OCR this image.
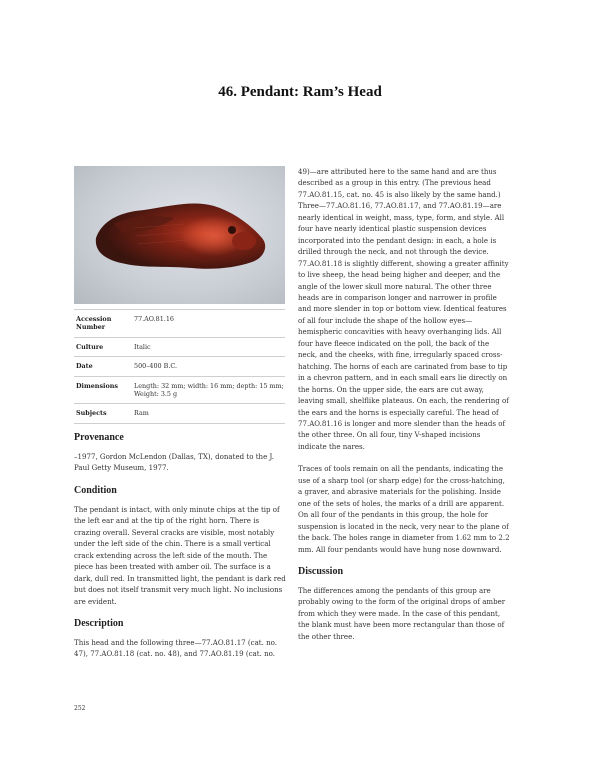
46. Pendant: Ram’s Head
Accession Number	77.AO.81.16
Culture	Italic
Date	500–400 B.C.
Dimensions	Length: 32 mm; width: 16 mm; depth: 15 mm; Weight: 3.5 g
Subjects	Ram
Provenance

–1977, Gordon McLendon (Dallas, TX), donated to the J. Paul Getty Museum, 1977.

Condition

The pendant is intact, with only minute chips at the tip of the left ear and at the tip of the right horn. There is crazing overall. Several cracks are visible, most notably under the left side of the chin. There is a small vertical crack extending across the left side of the mouth. The piece has been treated with amber oil. The surface is a dark, dull red. In transmitted light, the pendant is dark red but does not itself transmit very much light. No inclusions are evident.

Description

This head and the following three—77.AO.81.17 (cat. no. 47), 77.AO.81.18 (cat. no. 48), and 77.AO.81.19 (cat. no.

49)—are attributed here to the same hand and are thus described as a group in this entry. (The previous head 77.AO.81.15, cat. no. 45 is also likely by the same hand.) Three—77.AO.81.16, 77.AO.81.17, and 77.AO.81.19—are nearly identical in weight, mass, type, form, and style. All four have nearly identical plastic suspension devices incorporated into the pendant design: in each, a hole is drilled through the neck, and not through the device. 77.AO.81.18 is slightly different, showing a greater affinity to live sheep, the head being higher and deeper, and the angle of the lower skull more natural. The other three heads are in comparison longer and narrower in profile and more slender in top or bottom view. Identical features of all four include the shape of the hollow eyes—hemispheric concavities with heavy overhanging lids. All four have fleece indicated on the poll, the back of the neck, and the cheeks, with fine, irregularly spaced cross-hatching. The horns of each are carinated from base to tip in a chevron pattern, and in each small ears lie directly on the horns. On the upper side, the ears are cut away, leaving small, shelflike plateaus. On each, the rendering of the ears and the horns is especially careful. The head of 77.AO.81.16 is longer and more slender than the heads of the other three. On all four, tiny V-shaped incisions indicate the nares.

Traces of tools remain on all the pendants, indicating the use of a sharp tool (or sharp edge) for the cross-hatching, a graver, and abrasive materials for the polishing. Inside one of the sets of holes, the marks of a drill are apparent. On all four of the pendants in this group, the hole for suspension is located in the neck, very near to the plane of the back. The holes range in diameter from 1.62 mm to 2.2 mm. All four pendants would have hung nose downward.

Discussion

The differences among the pendants of this group are probably owing to the form of the original drops of amber from which they were made. In the case of this pendant, the blank must have been more rectangular than those of the other three.

252
